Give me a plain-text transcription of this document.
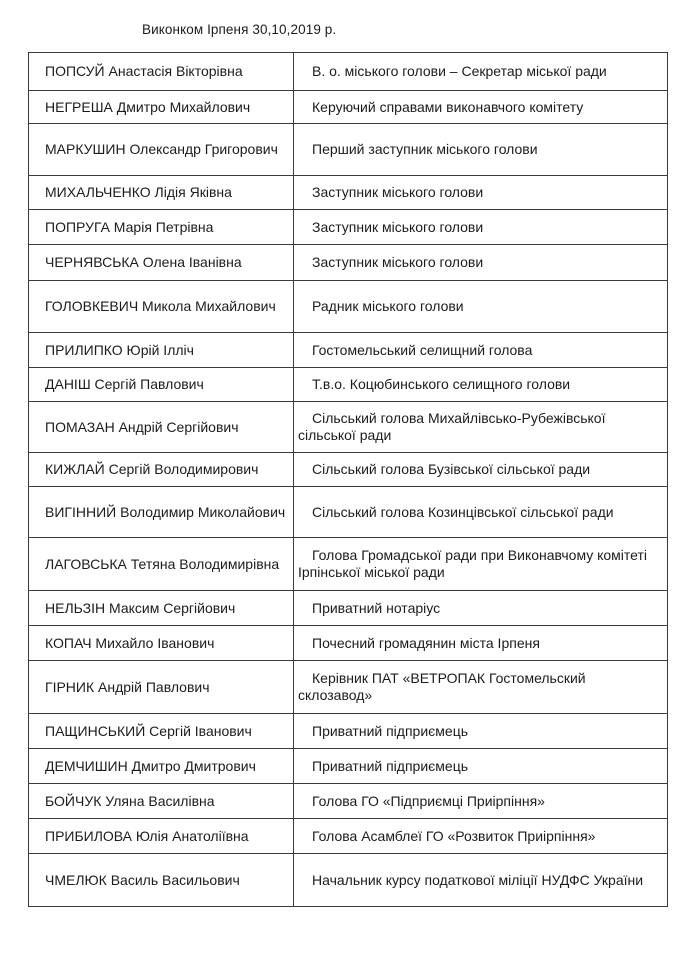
Виконком Ірпеня 30,10,2019 р.
ПОПСУЙ Анастасія Вікторівна	В. о. міського голови – Секретар міської ради
НЕГРЕША Дмитро Михайлович	Керуючий справами виконавчого комітету
МАРКУШИН Олександр Григорович	Перший заступник міського голови
МИХАЛЬЧЕНКО Лідія Яківна	Заступник міського голови
ПОПРУГА Марія Петрівна	Заступник міського голови
ЧЕРНЯВСЬКА Олена Іванівна	Заступник міського голови
ГОЛОВКЕВИЧ Микола Михайлович	Радник міського голови
ПРИЛИПКО Юрій Ілліч	Гостомельський селищний голова
ДАНІШ Сергій Павлович	Т.в.о. Коцюбинського селищного голови
ПОМАЗАН Андрій Сергійович	Сільський голова Михайлівсько-Рубежівської сільської ради
КИЖЛАЙ Сергій Володимирович	Сільський голова Бузівської сільської ради
ВИГІННИЙ Володимир Миколайович	Сільський голова Козинцівської сільської ради
ЛАГОВСЬКА Тетяна Володимирівна	Голова Громадської ради при Виконавчому комітеті Ірпінської міської ради
НЕЛЬЗІН Максим Сергійович	Приватний нотаріус
КОПАЧ Михайло Іванович	Почесний громадянин міста Ірпеня
ГІРНИК Андрій Павлович	Керівник ПАТ «ВЕТРОПАК Гостомельский склозавод»
ПАЩИНСЬКИЙ Сергій Іванович	Приватний підприємець
ДЕМЧИШИН Дмитро Дмитрович	Приватний підприємець
БОЙЧУК Уляна Василівна	Голова ГО «Підприємці Приірпіння»
ПРИБИЛОВА Юлія Анатоліївна	Голова Асамблеї ГО «Розвиток Приірпіння»
ЧМЕЛЮК Василь Васильович	Начальник курсу податкової міліції НУДФС України
